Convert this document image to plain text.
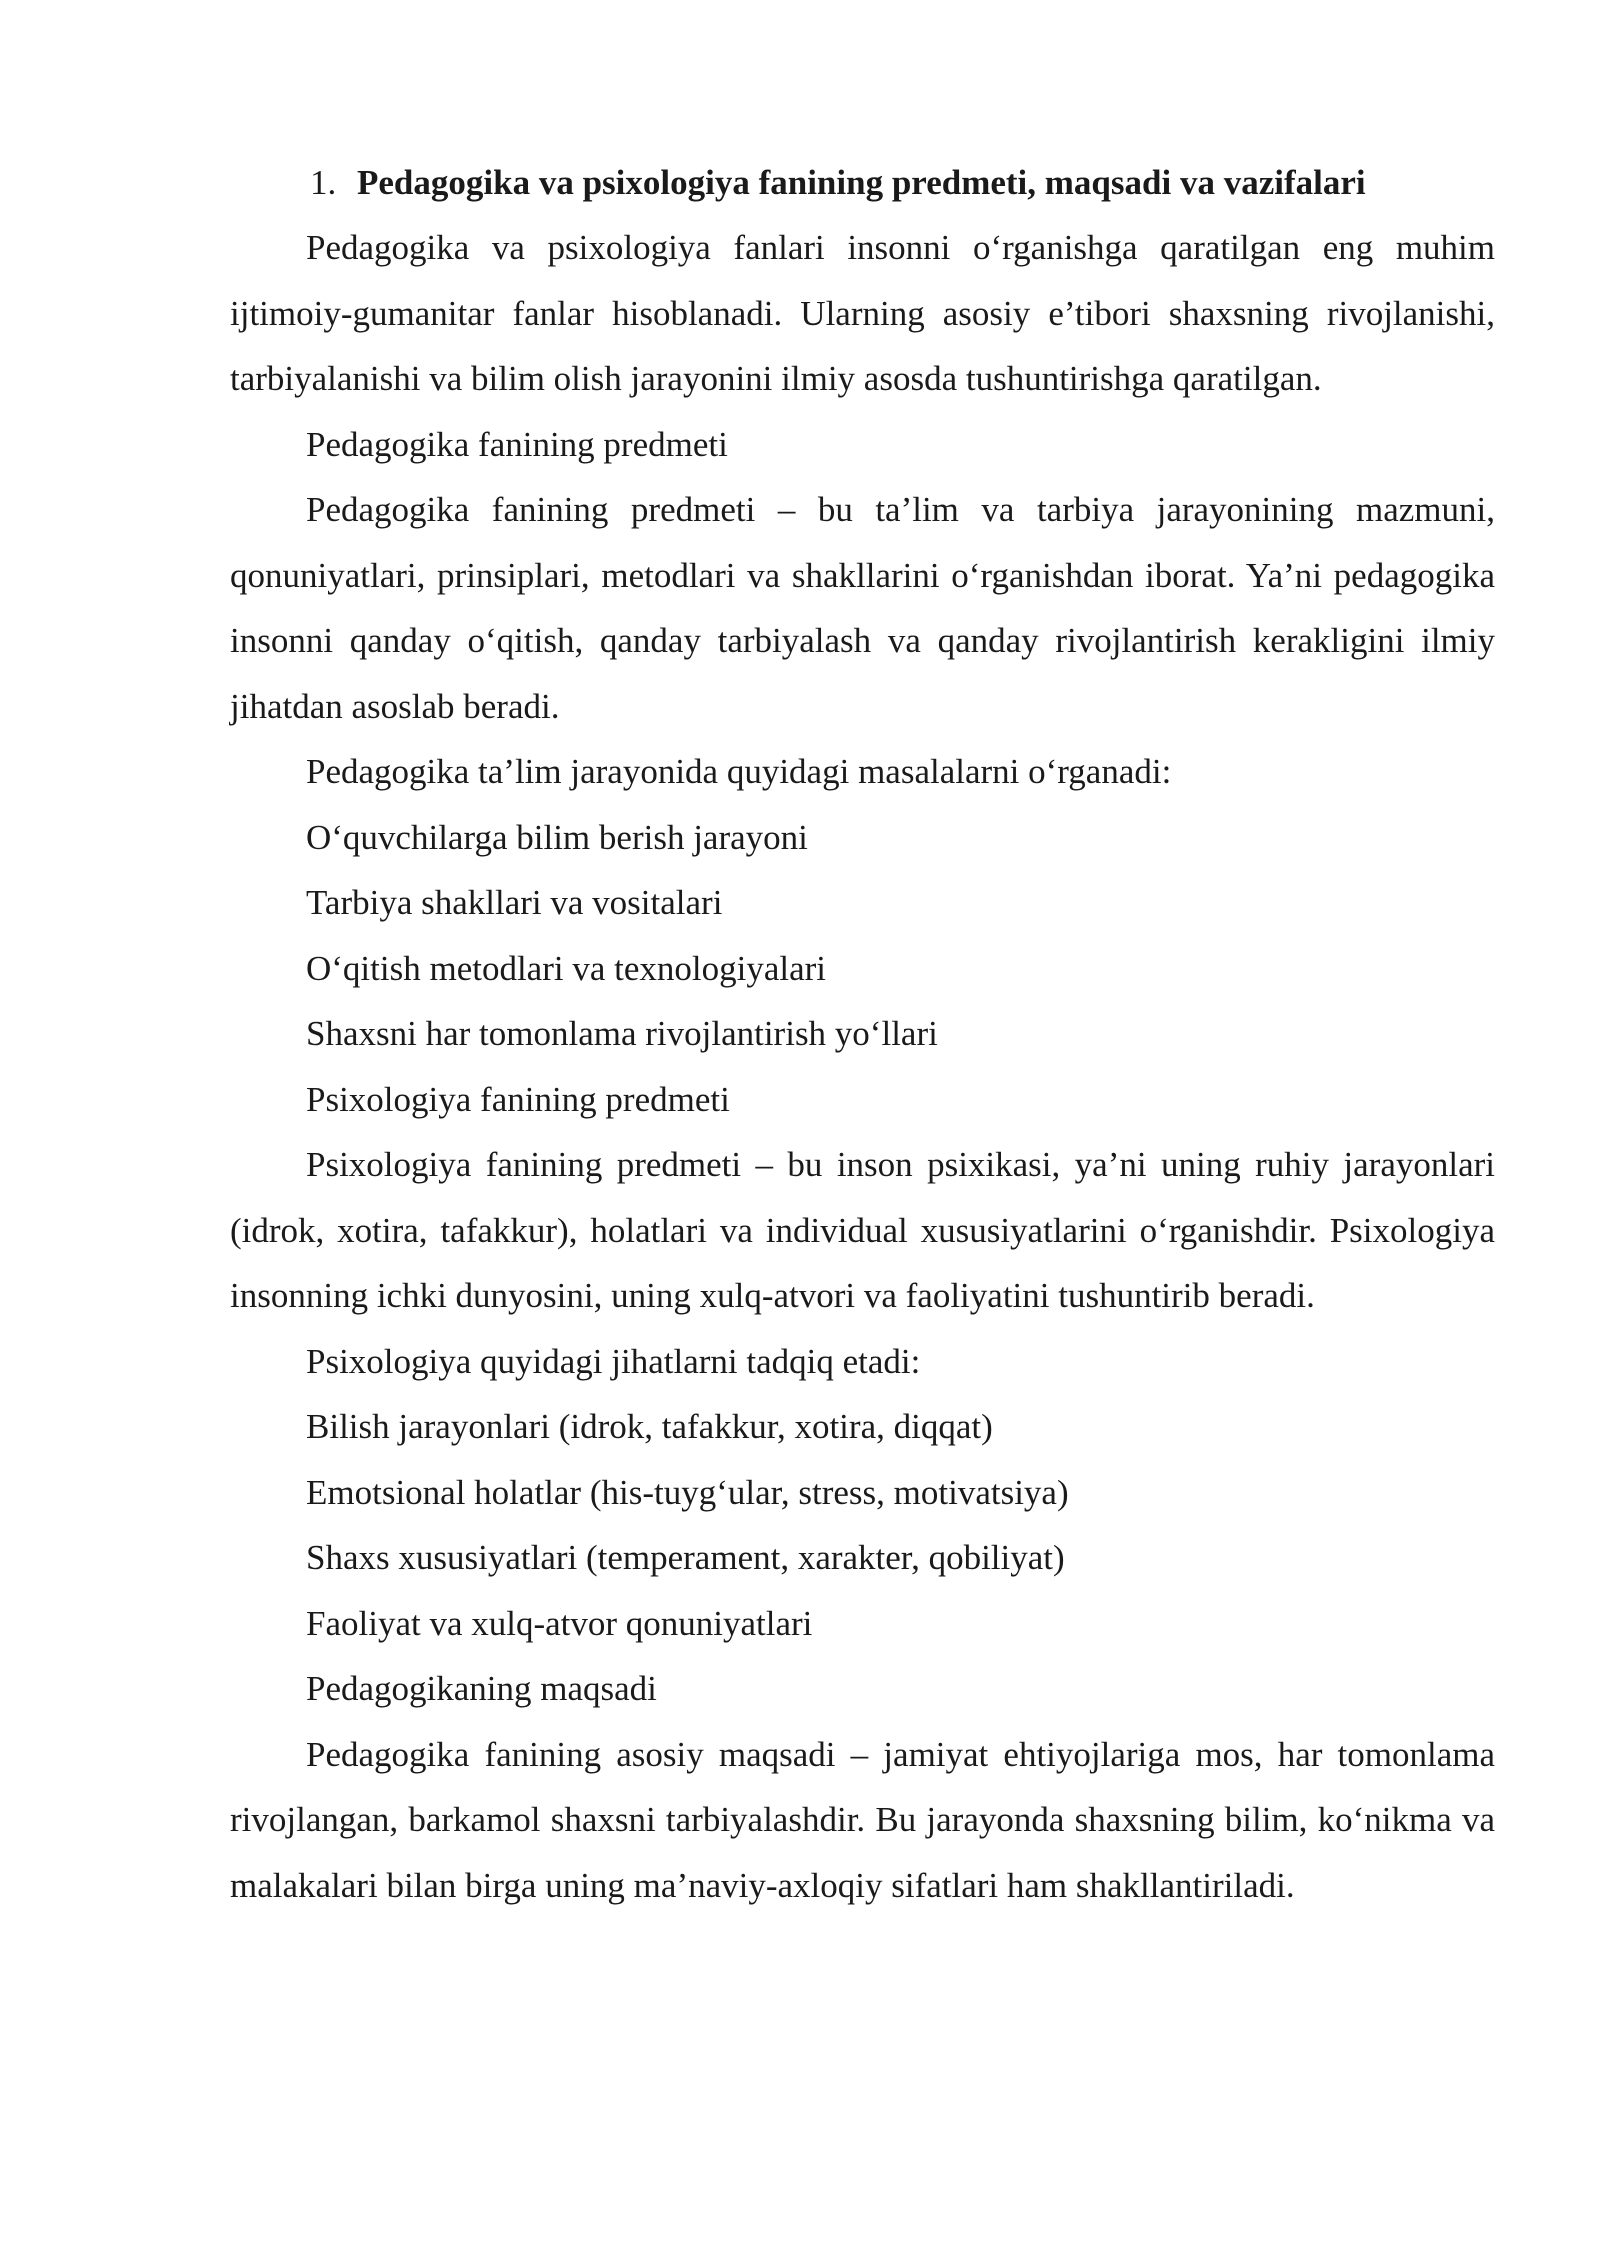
1. Pedagogika va psixologiya fanining predmeti, maqsadi va vazifalari

Pedagogika va psixologiya fanlari insonni o‘rganishga qaratilgan eng muhim ijtimoiy-gumanitar fanlar hisoblanadi. Ularning asosiy e’tibori shaxsning rivojlanishi, tarbiyalanishi va bilim olish jarayonini ilmiy asosda tushuntirishga qaratilgan.

Pedagogika fanining predmeti

Pedagogika fanining predmeti – bu ta’lim va tarbiya jarayonining mazmuni, qonuniyatlari, prinsiplari, metodlari va shakllarini o‘rganishdan iborat. Ya’ni pedagogika insonni qanday o‘qitish, qanday tarbiyalash va qanday rivojlantirish kerakligini ilmiy jihatdan asoslab beradi.

Pedagogika ta’lim jarayonida quyidagi masalalarni o‘rganadi:

O‘quvchilarga bilim berish jarayoni

Tarbiya shakllari va vositalari

O‘qitish metodlari va texnologiyalari

Shaxsni har tomonlama rivojlantirish yo‘llari

Psixologiya fanining predmeti

Psixologiya fanining predmeti – bu inson psixikasi, ya’ni uning ruhiy jarayonlari (idrok, xotira, tafakkur), holatlari va individual xususiyatlarini o‘rganishdir. Psixologiya insonning ichki dunyosini, uning xulq-atvori va faoliyatini tushuntirib beradi.

Psixologiya quyidagi jihatlarni tadqiq etadi:

Bilish jarayonlari (idrok, tafakkur, xotira, diqqat)

Emotsional holatlar (his-tuyg‘ular, stress, motivatsiya)

Shaxs xususiyatlari (temperament, xarakter, qobiliyat)

Faoliyat va xulq-atvor qonuniyatlari

Pedagogikaning maqsadi

Pedagogika fanining asosiy maqsadi – jamiyat ehtiyojlariga mos, har tomonlama rivojlangan, barkamol shaxsni tarbiyalashdir. Bu jarayonda shaxsning bilim, ko‘nikma va malakalari bilan birga uning ma’naviy-axloqiy sifatlari ham shakllantiriladi.
